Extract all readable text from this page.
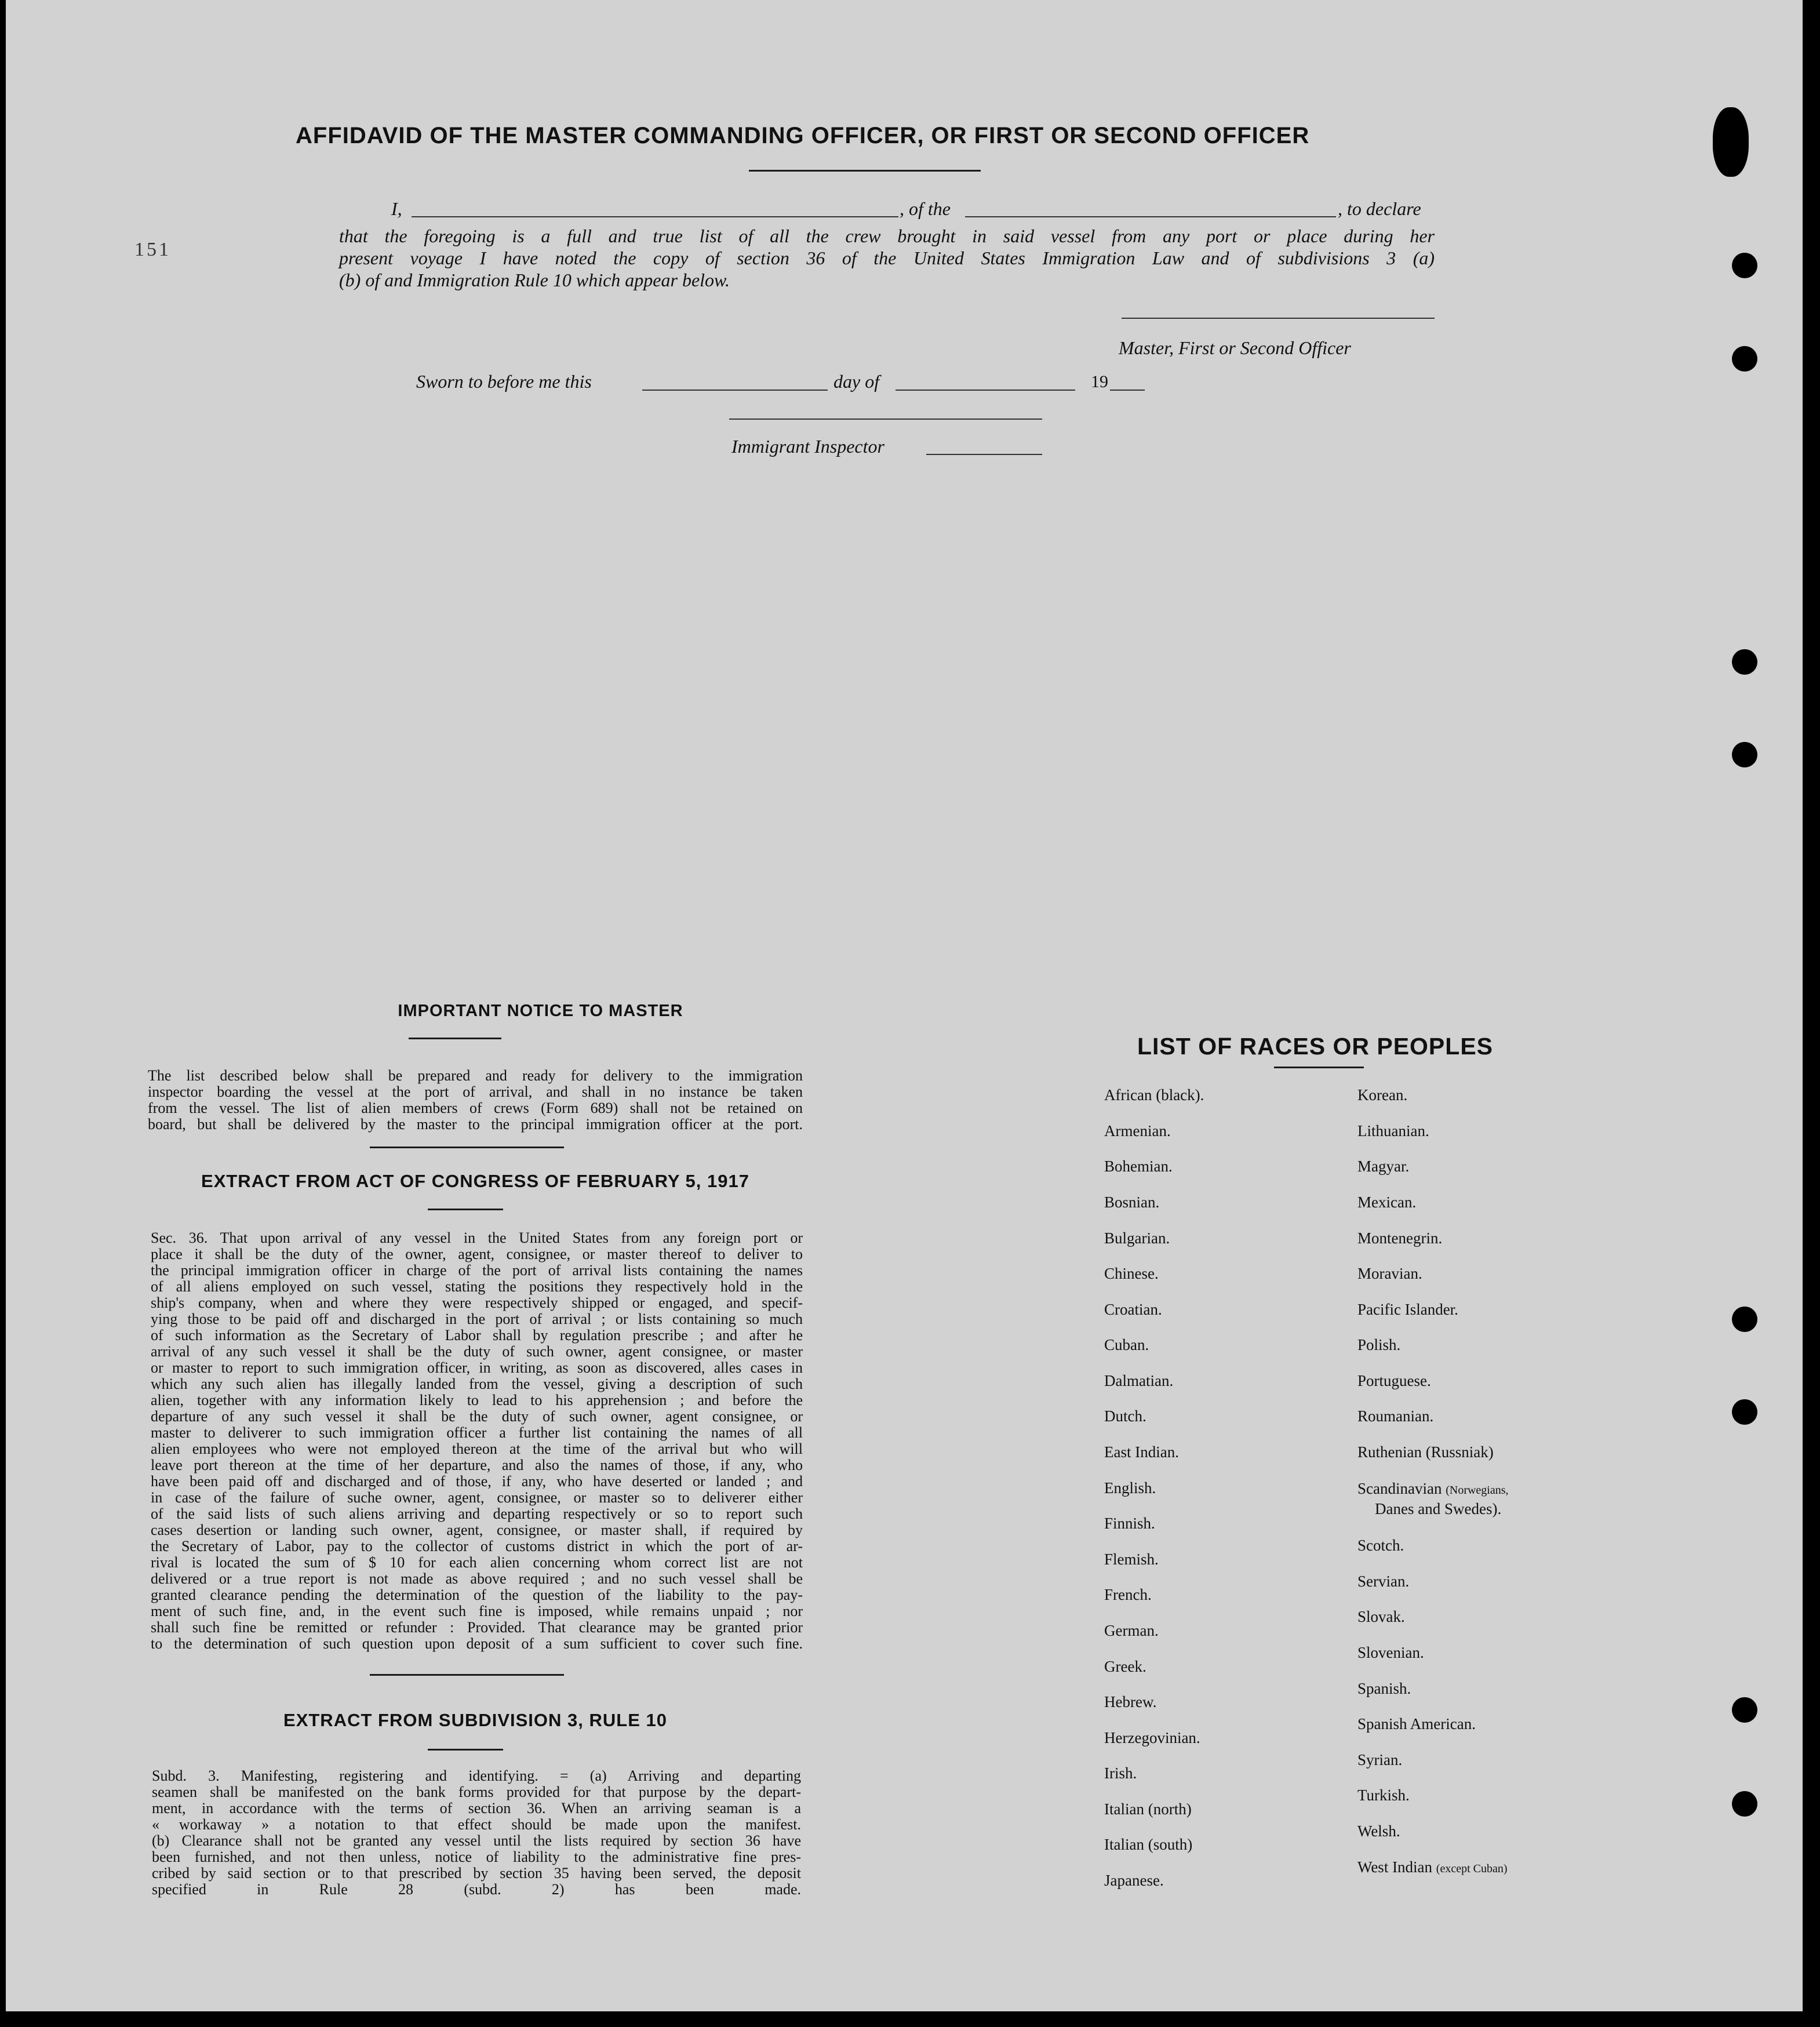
AFFIDAVID OF THE MASTER COMMANDING OFFICER, OR FIRST OR SECOND OFFICER
I,	, of the	, to declare
that the foregoing is a full and true list of all the crew brought in said vessel from any port or place during her
present voyage I have noted the copy of section 36 of the United States Immigration Law and of subdivisions 3 (a)
(b) of and Immigration Rule 10 which appear below.
Master, First or Second Officer
Sworn to before me this	day of	19
Immigrant Inspector
IMPORTANT NOTICE TO MASTER
The list described below shall be prepared and ready for delivery to the immigration
inspector boarding the vessel at the port of arrival, and shall in no instance be taken
from the vessel. The list of alien members of crews (Form 689) shall not be retained on
board, but shall be delivered by the master to the principal immigration officer at the port.
EXTRACT FROM ACT OF CONGRESS OF FEBRUARY 5, 1917
Sec. 36. That upon arrival of any vessel in the United States from any foreign port or
place it shall be the duty of the owner, agent, consignee, or master thereof to deliver to
the principal immigration officer in charge of the port of arrival lists containing the names
of all aliens employed on such vessel, stating the positions they respectively hold in the
ship's company, when and where they were respectively shipped or engaged, and specif-
ying those to be paid off and discharged in the port of arrival ; or lists containing so much
of such information as the Secretary of Labor shall by regulation prescribe ; and after he
arrival of any such vessel it shall be the duty of such owner, agent consignee, or master
or master to report to such immigration officer, in writing, as soon as discovered, alles cases in
which any such alien has illegally landed from the vessel, giving a description of such
alien, together with any information likely to lead to his apprehension ; and before the
departure of any such vessel it shall be the duty of such owner, agent consignee, or
master to deliverer to such immigration officer a further list containing the names of all
alien employees who were not employed thereon at the time of the arrival but who will
leave port thereon at the time of her departure, and also the names of those, if any, who
have been paid off and discharged and of those, if any, who have deserted or landed ; and
in case of the failure of suche owner, agent, consignee, or master so to deliverer either
of the said lists of such aliens arriving and departing respectively or so to report such
cases desertion or landing such owner, agent, consignee, or master shall, if required by
the Secretary of Labor, pay to the collector of customs district in which the port of ar-
rival is located the sum of $ 10 for each alien concerning whom correct list are not
delivered or a true report is not made as above required ; and no such vessel shall be
granted clearance pending the determination of the question of the liability to the pay-
ment of such fine, and, in the event such fine is imposed, while remains unpaid ; nor
shall such fine be remitted or refunder : Provided. That clearance may be granted prior
to the determination of such question upon deposit of a sum sufficient to cover such fine.
EXTRACT FROM SUBDIVISION 3, RULE 10
Subd. 3. Manifesting, registering and identifying. = (a) Arriving and departing
seamen shall be manifested on the bank forms provided for that purpose by the depart-
ment, in accordance with the terms of section 36. When an arriving seaman is a
« workaway » a notation to that effect should be made upon the manifest.
(b) Clearance shall not be granted any vessel until the lists required by section 36 have
been furnished, and not then unless, notice of liability to the administrative fine pres-
cribed by said section or to that prescribed by section 35 having been served, the deposit
specified in Rule 28 (subd. 2) has been made.
LIST OF RACES OR PEOPLES
African (black).
Armenian.
Bohemian.
Bosnian.
Bulgarian.
Chinese.
Croatian.
Cuban.
Dalmatian.
Dutch.
East Indian.
English.
Finnish.
Flemish.
French.
German.
Greek.
Hebrew.
Herzegovinian.
Irish.
Italian (north)
Italian (south)
Japanese.
Korean.
Lithuanian.
Magyar.
Mexican.
Montenegrin.
Moravian.
Pacific Islander.
Polish.
Portuguese.
Roumanian.
Ruthenian (Russniak)
Scandinavian (Norwegians,
Danes and Swedes).
Scotch.
Servian.
Slovak.
Slovenian.
Spanish.
Spanish American.
Syrian.
Turkish.
Welsh.
West Indian (except Cuban)
151
